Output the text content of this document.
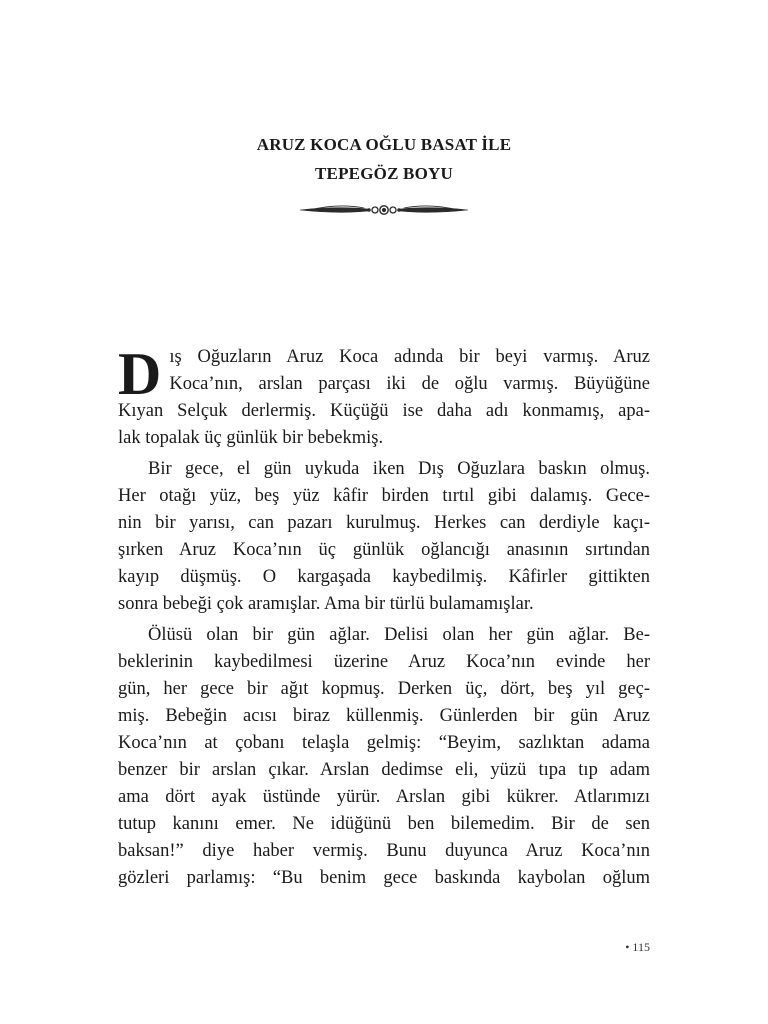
ARUZ KOCA OĞLU BASAT İLE
TEPEGÖZ BOYU
D ış Oğuzların Aruz Koca adında bir beyi varmış. Aruz
Koca’nın, arslan parçası iki de oğlu varmış. Büyüğüne
Kıyan Selçuk derlermiş. Küçüğü ise daha adı konmamış, apa-
lak topalak üç günlük bir bebekmiş.
Bir gece, el gün uykuda iken Dış Oğuzlara baskın olmuş.
Her otağı yüz, beş yüz kâfir birden tırtıl gibi dalamış. Gece-
nin bir yarısı, can pazarı kurulmuş. Herkes can derdiyle kaçı-
şırken Aruz Koca’nın üç günlük oğlancığı anasının sırtından
kayıp düşmüş. O kargaşada kaybedilmiş. Kâfirler gittikten
sonra bebeği çok aramışlar. Ama bir türlü bulamamışlar.
Ölüsü olan bir gün ağlar. Delisi olan her gün ağlar. Be-
beklerinin kaybedilmesi üzerine Aruz Koca’nın evinde her
gün, her gece bir ağıt kopmuş. Derken üç, dört, beş yıl geç-
miş. Bebeğin acısı biraz küllenmiş. Günlerden bir gün Aruz
Koca’nın at çobanı telaşla gelmiş: “Beyim, sazlıktan adama
benzer bir arslan çıkar. Arslan dedimse eli, yüzü tıpa tıp adam
ama dört ayak üstünde yürür. Arslan gibi kükrer. Atlarımızı
tutup kanını emer. Ne idüğünü ben bilemedim. Bir de sen
baksan!” diye haber vermiş. Bunu duyunca Aruz Koca’nın
gözleri parlamış: “Bu benim gece baskında kaybolan oğlum
• 115
